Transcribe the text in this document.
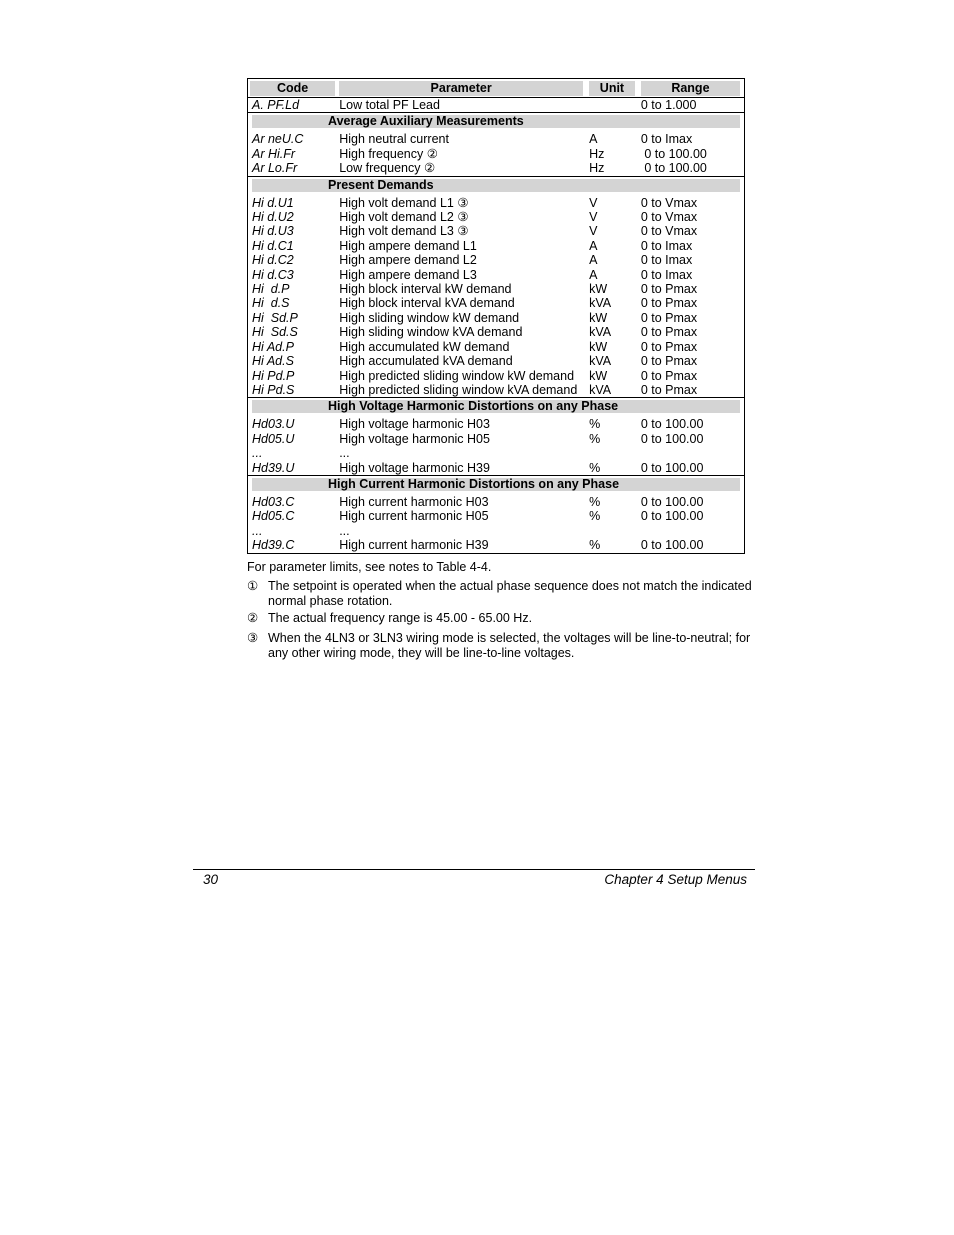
Code	Parameter	Unit	Range

A. PF.Ld	Low total PF Lead		0 to 1.000

Average Auxiliary Measurements			

Ar neU.C	High neutral current	A	0 to Imax
Ar Hi.Fr	High frequency ②	Hz	0 to 100.00
Ar Lo.Fr	Low frequency ②	Hz	0 to 100.00

Present Demands			

Hi d.U1	High volt demand L1 ③	V	0 to Vmax
Hi d.U2	High volt demand L2 ③	V	0 to Vmax
Hi d.U3	High volt demand L3 ③	V	0 to Vmax
Hi d.C1	High ampere demand L1	A	0 to Imax
Hi d.C2	High ampere demand L2	A	0 to Imax
Hi d.C3	High ampere demand L3	A	0 to Imax
Hi  d.P	High block interval kW demand	kW	0 to Pmax
Hi  d.S	High block interval kVA demand	kVA	0 to Pmax
Hi  Sd.P	High sliding window kW demand	kW	0 to Pmax
Hi  Sd.S	High sliding window kVA demand	kVA	0 to Pmax
Hi Ad.P	High accumulated kW demand	kW	0 to Pmax
Hi Ad.S	High accumulated kVA demand	kVA	0 to Pmax
Hi Pd.P	High predicted sliding window kW demand	kW	0 to Pmax
Hi Pd.S	High predicted sliding window kVA demand	kVA	0 to Pmax

High Voltage Harmonic Distortions on any Phase			

Hd03.U	High voltage harmonic H03	%	0 to 100.00
Hd05.U	High voltage harmonic H05	%	0 to 100.00
...	...		
Hd39.U	High voltage harmonic H39	%	0 to 100.00

High Current Harmonic Distortions on any Phase			

Hd03.C	High current harmonic H03	%	0 to 100.00
Hd05.C	High current harmonic H05	%	0 to 100.00
...	...		
Hd39.C	High current harmonic H39	%	0 to 100.00
For parameter limits, see notes to Table 4-4.
① The setpoint is operated when the actual phase sequence does not match the indicated normal phase rotation.
② The actual frequency range is 45.00 - 65.00 Hz.
③ When the 4LN3 or 3LN3 wiring mode is selected, the voltages will be line-to-neutral; for any other wiring mode, they will be line-to-line voltages.
30	Chapter 4 Setup Menus
